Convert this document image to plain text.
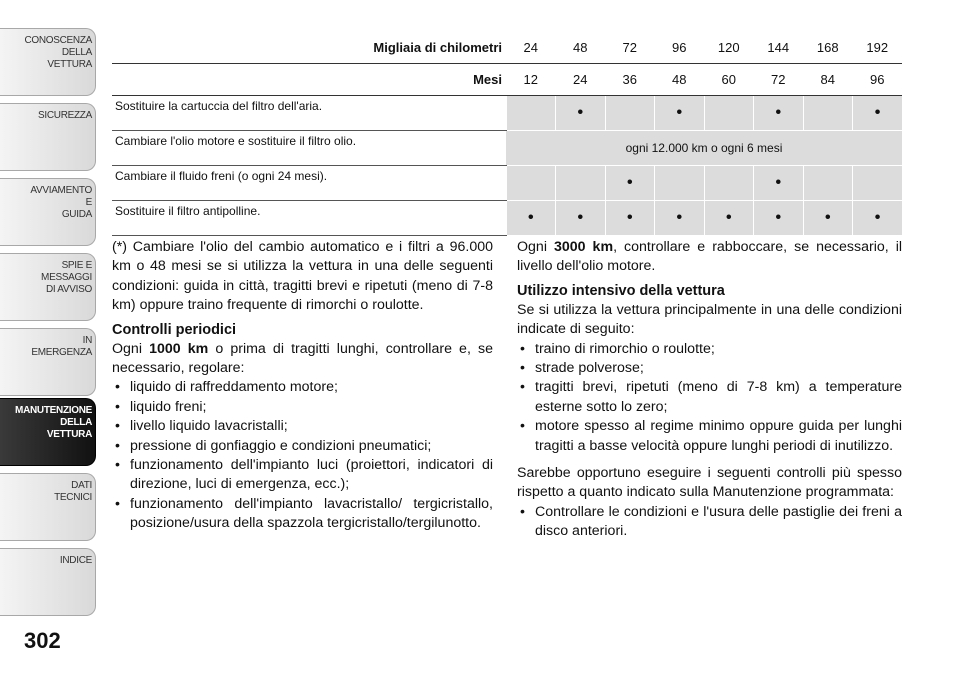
CONOSCENZA
DELLA
VETTURA
SICUREZZA
AVVIAMENTO
E
GUIDA
SPIE E
MESSAGGI
DI AVVISO
IN
EMERGENZA
MANUTENZIONE
DELLA
VETTURA
DATI
TECNICI
INDICE
302
Migliaia di chilometri	24	48	72	96	120	144	168	192
Mesi	12	24	36	48	60	72	84	96
Sostituire la cartuccia del filtro dell'aria.		•		•		•		•
Cambiare l'olio motore e sostituire il filtro olio.	ogni 12.000 km o ogni 6 mesi							
Cambiare il fluido freni (o ogni 24 mesi).			•			•		
Sostituire il filtro antipolline.	•	•	•	•	•	•	•	•

(*) Cambiare l'olio del cambio automatico e i filtri a 96.000 km o 48 mesi se si utilizza la vettura in una delle seguenti condizioni: guida in città, tragitti brevi e ripetuti (meno di 7-8 km) oppure traino frequente di rimorchi o roulotte.

Controlli periodici

Ogni 1000 km o prima di tragitti lunghi, controllare e, se necessario, regolare:

• liquido di raffreddamento motore;
• liquido freni;
• livello liquido lavacristalli;
• pressione di gonfiaggio e condizioni pneumatici;
• funzionamento dell'impianto luci (proiettori, indicatori di direzione, luci di emergenza, ecc.);
• funzionamento dell'impianto lavacristallo/ tergicristallo, posizione/usura della spazzola tergicristallo/tergilunotto.

Ogni 3000 km, controllare e rabboccare, se necessario, il livello dell'olio motore.

Utilizzo intensivo della vettura

Se si utilizza la vettura principalmente in una delle condizioni indicate di seguito:

• traino di rimorchio o roulotte;
• strade polverose;
• tragitti brevi, ripetuti (meno di 7-8 km) a temperature esterne sotto lo zero;
• motore spesso al regime minimo oppure guida per lunghi tragitti a basse velocità oppure lunghi periodi di inutilizzo.

Sarebbe opportuno eseguire i seguenti controlli più spesso rispetto a quanto indicato sulla Manutenzione programmata:

• Controllare le condizioni e l'usura delle pastiglie dei freni a disco anteriori.
